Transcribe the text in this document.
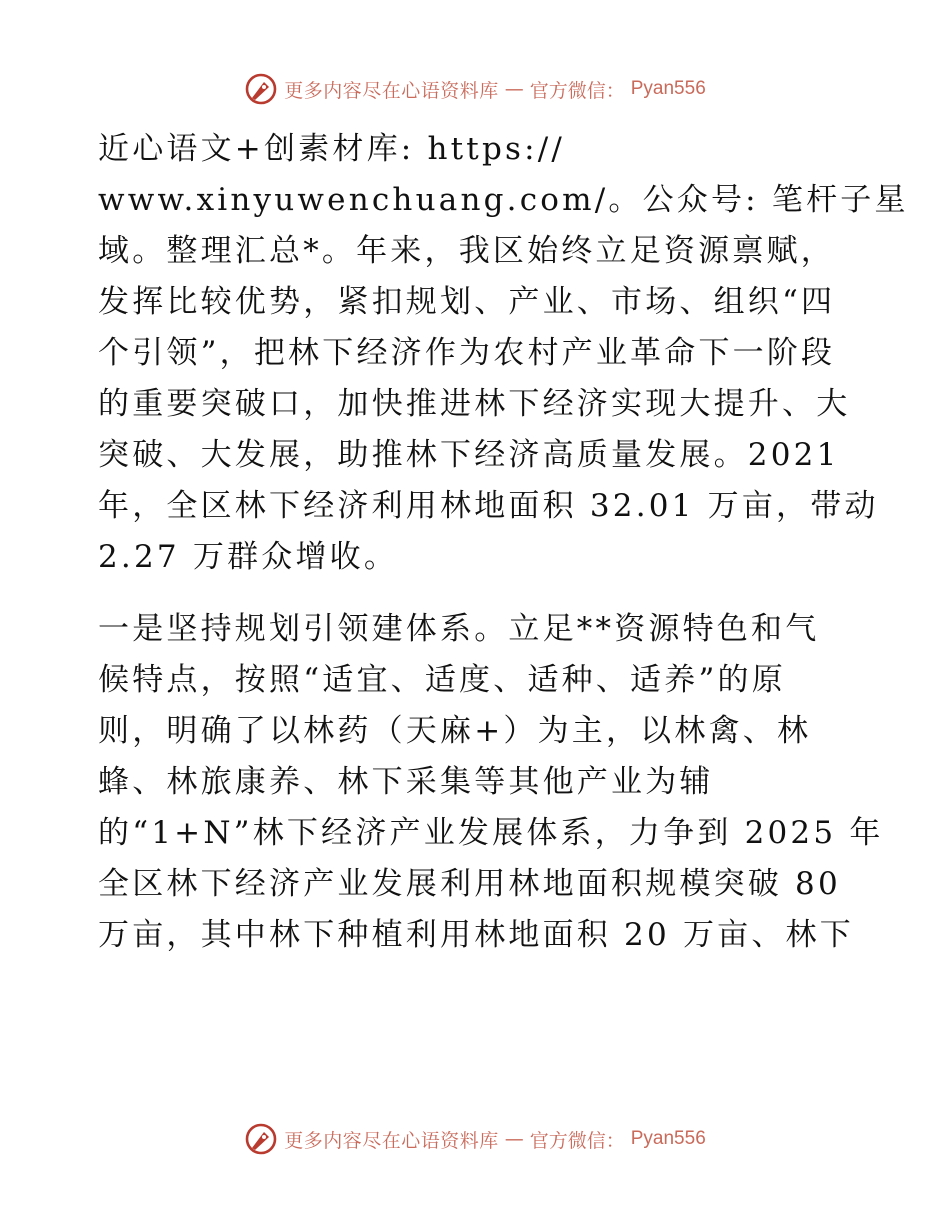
更多内容尽在心语资料库 — 官方微信： Pyan556

近心语文+创素材库: https://
www.xinyuwenchuang.com/。公众号: 笔杆子星
域。整理汇总*。年来，我区始终立足资源禀赋，
发挥比较优势，紧扣规划、产业、市场、组织“四
个引领”，把林下经济作为农村产业革命下一阶段
的重要突破口，加快推进林下经济实现大提升、大
突破、大发展，助推林下经济高质量发展。2021
年，全区林下经济利用林地面积 32.01 万亩，带动
2.27 万群众增收。

一是坚持规划引领建体系。立足**资源特色和气
候特点，按照“适宜、适度、适种、适养”的原
则，明确了以林药（天麻+）为主，以林禽、林
蜂、林旅康养、林下采集等其他产业为辅
的“1+N”林下经济产业发展体系，力争到 2025 年
全区林下经济产业发展利用林地面积规模突破 80
万亩，其中林下种植利用林地面积 20 万亩、林下

更多内容尽在心语资料库 — 官方微信： Pyan556
